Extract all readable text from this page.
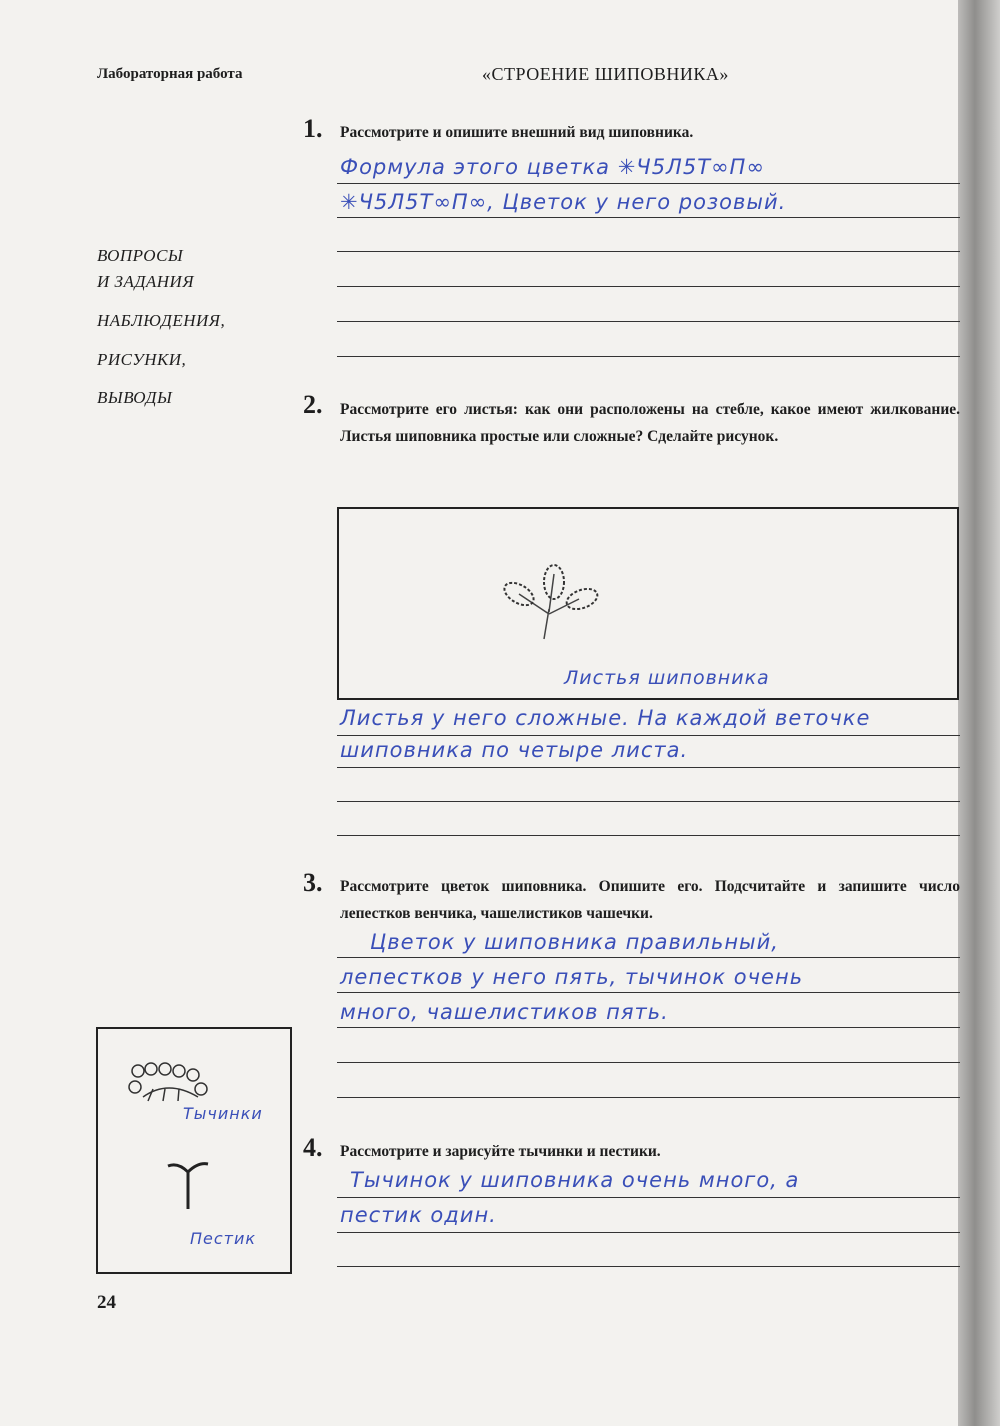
Лабораторная работа	«СТРОЕНИЕ ШИПОВНИКА»
ВОПРОСЫ
И ЗАДАНИЯ
НАБЛЮДЕНИЯ,
РИСУНКИ,
ВЫВОДЫ
1. Рассмотрите и опишите внешний вид шиповника.
Формула этого цветка ✳Ч5Л5Т∞П∞
✳Ч5Л5Т∞П∞, Цветок у него розовый.
2. Рассмотрите его листья: как они расположены на стебле, какое имеют жилкование. Листья шиповника простые или сложные? Сделайте рисунок.
Листья шиповника
Листья у него сложные. На каждой веточке
шиповника по четыре листа.
3. Рассмотрите цветок шиповника. Опишите его. Подсчитайте и запишите число лепестков венчика, чашелистиков чашечки.
Цветок у шиповника правильный,
лепестков у него пять, тычинок очень
много, чашелистиков пять.
4. Рассмотрите и зарисуйте тычинки и пестики.
Тычинок у шиповника очень много, а
пестик один.
Тычинки
Пестик
24
